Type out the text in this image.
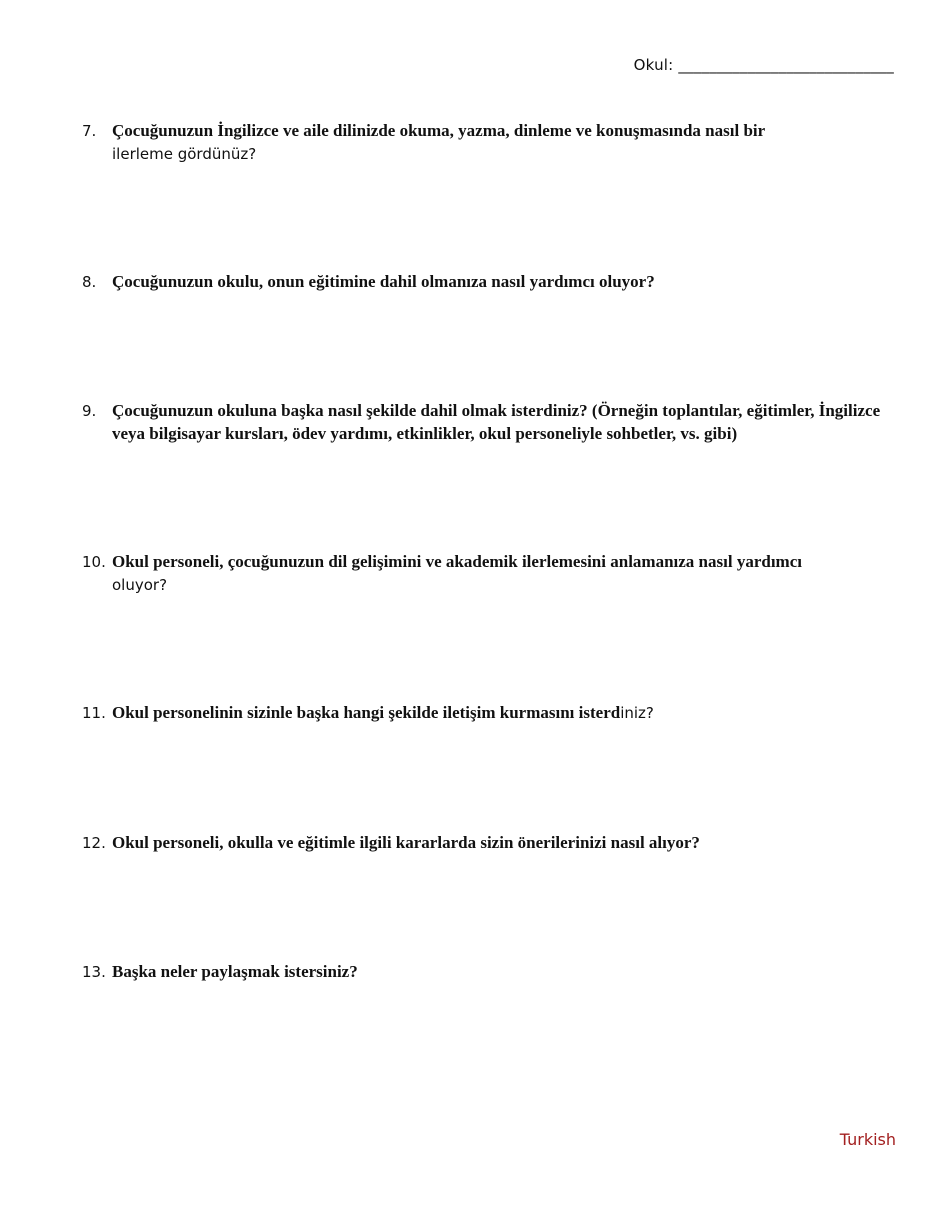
Okul: ____________________________
7. Çocuğunuzun İngilizce ve aile dilinizde okuma, yazma, dinleme ve konuşmasında nasıl bir
ilerleme gördünüz?
8. Çocuğunuzun okulu, onun eğitimine dahil olmanıza nasıl yardımcı oluyor?
9. Çocuğunuzun okuluna başka nasıl şekilde dahil olmak isterdiniz? (Örneğin toplantılar, eğitimler, İngilizce veya bilgisayar kursları, ödev yardımı, etkinlikler, okul personeliyle sohbetler, vs. gibi)
10. Okul personeli, çocuğunuzun dil gelişimini ve akademik ilerlemesini anlamanıza nasıl yardımcı
oluyor?
11. Okul personelinin sizinle başka hangi şekilde iletişim kurmasını isterdiniz?
12. Okul personeli, okulla ve eğitimle ilgili kararlarda sizin önerilerinizi nasıl alıyor?
13. Başka neler paylaşmak istersiniz?
Turkish
